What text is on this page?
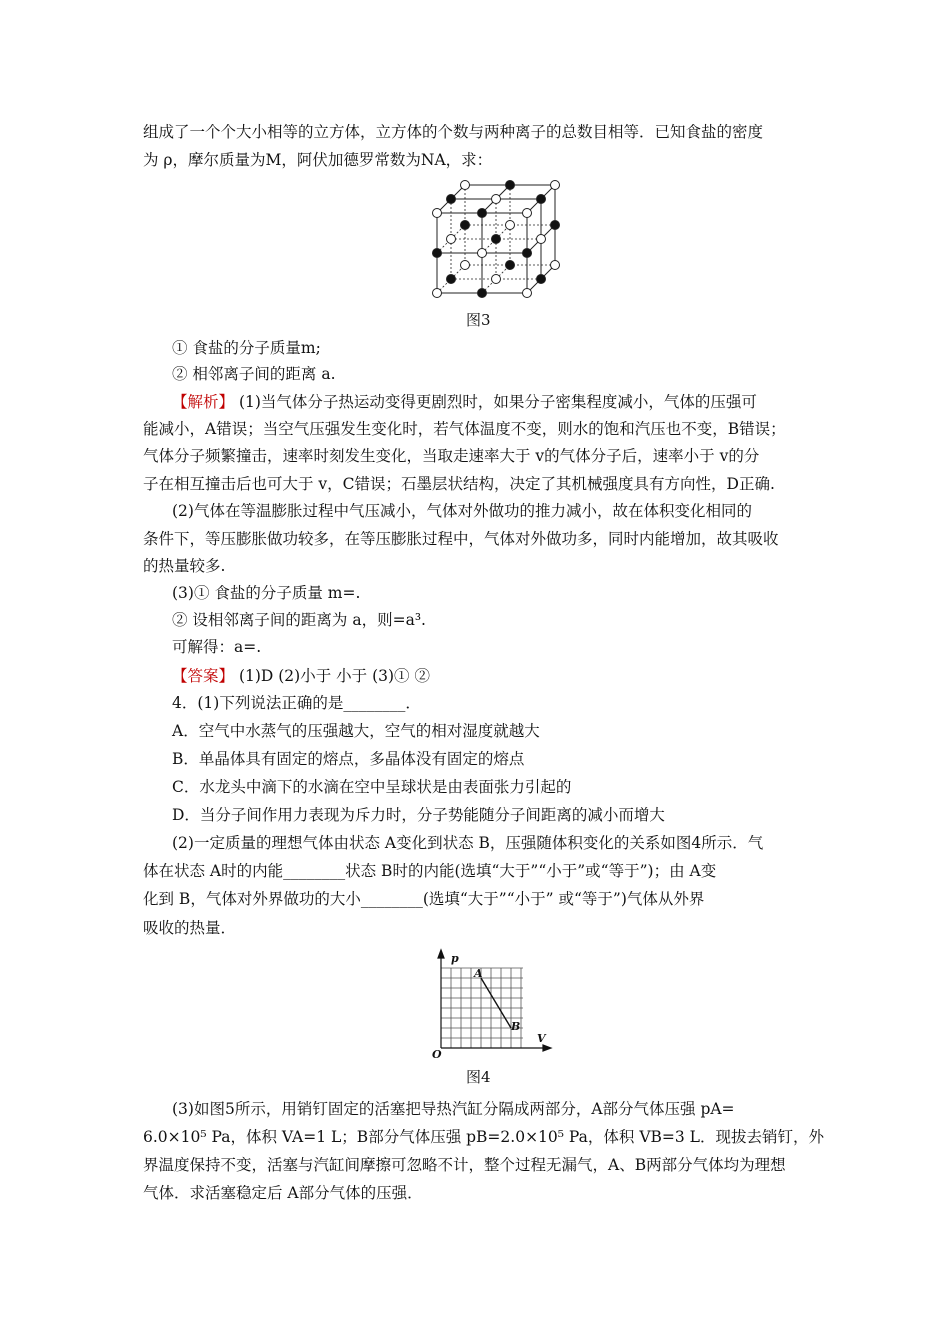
组成了一个个大小相等的立方体，立方体的个数与两种离子的总数目相等．已知食盐的密度
为 ρ，摩尔质量为M，阿伏加德罗常数为NA，求：
图3
① 食盐的分子质量m;
② 相邻离子间的距离 a.
【解析】 (1)当气体分子热运动变得更剧烈时，如果分子密集程度减小，气体的压强可
能减小，A错误；当空气压强发生变化时，若气体温度不变，则水的饱和汽压也不变，B错误；
气体分子频繁撞击，速率时刻发生变化，当取走速率大于 v的气体分子后，速率小于 v的分
子在相互撞击后也可大于 v，C错误；石墨层状结构，决定了其机械强度具有方向性，D正确.
(2)气体在等温膨胀过程中气压减小，气体对外做功的推力减小，故在体积变化相同的
条件下，等压膨胀做功较多，在等压膨胀过程中，气体对外做功多，同时内能增加，故其吸收
的热量较多.
(3)① 食盐的分子质量 m=.
② 设相邻离子间的距离为 a，则=a³.
可解得：a=.
【答案】 (1)D (2)小于 小于 (3)① ②
4．(1)下列说法正确的是________．
A．空气中水蒸气的压强越大，空气的相对湿度就越大
B．单晶体具有固定的熔点，多晶体没有固定的熔点
C．水龙头中滴下的水滴在空中呈球状是由表面张力引起的
D．当分子间作用力表现为斥力时，分子势能随分子间距离的减小而增大
(2)一定质量的理想气体由状态 A变化到状态 B，压强随体积变化的关系如图4所示．气
体在状态 A时的内能________状态 B时的内能(选填“大于”“小于”或“等于”)；由 A变
化到 B，气体对外界做功的大小________(选填“大于”“小于” 或“等于”)气体从外界
吸收的热量．
p
V
O
A
B
图4
(3)如图5所示，用销钉固定的活塞把导热汽缸分隔成两部分，A部分气体压强 pA=
6.0×10⁵ Pa，体积 VA=1 L；B部分气体压强 pB=2.0×10⁵ Pa，体积 VB=3 L．现拔去销钉，外
界温度保持不变，活塞与汽缸间摩擦可忽略不计，整个过程无漏气，A、B两部分气体均为理想
气体．求活塞稳定后 A部分气体的压强．
